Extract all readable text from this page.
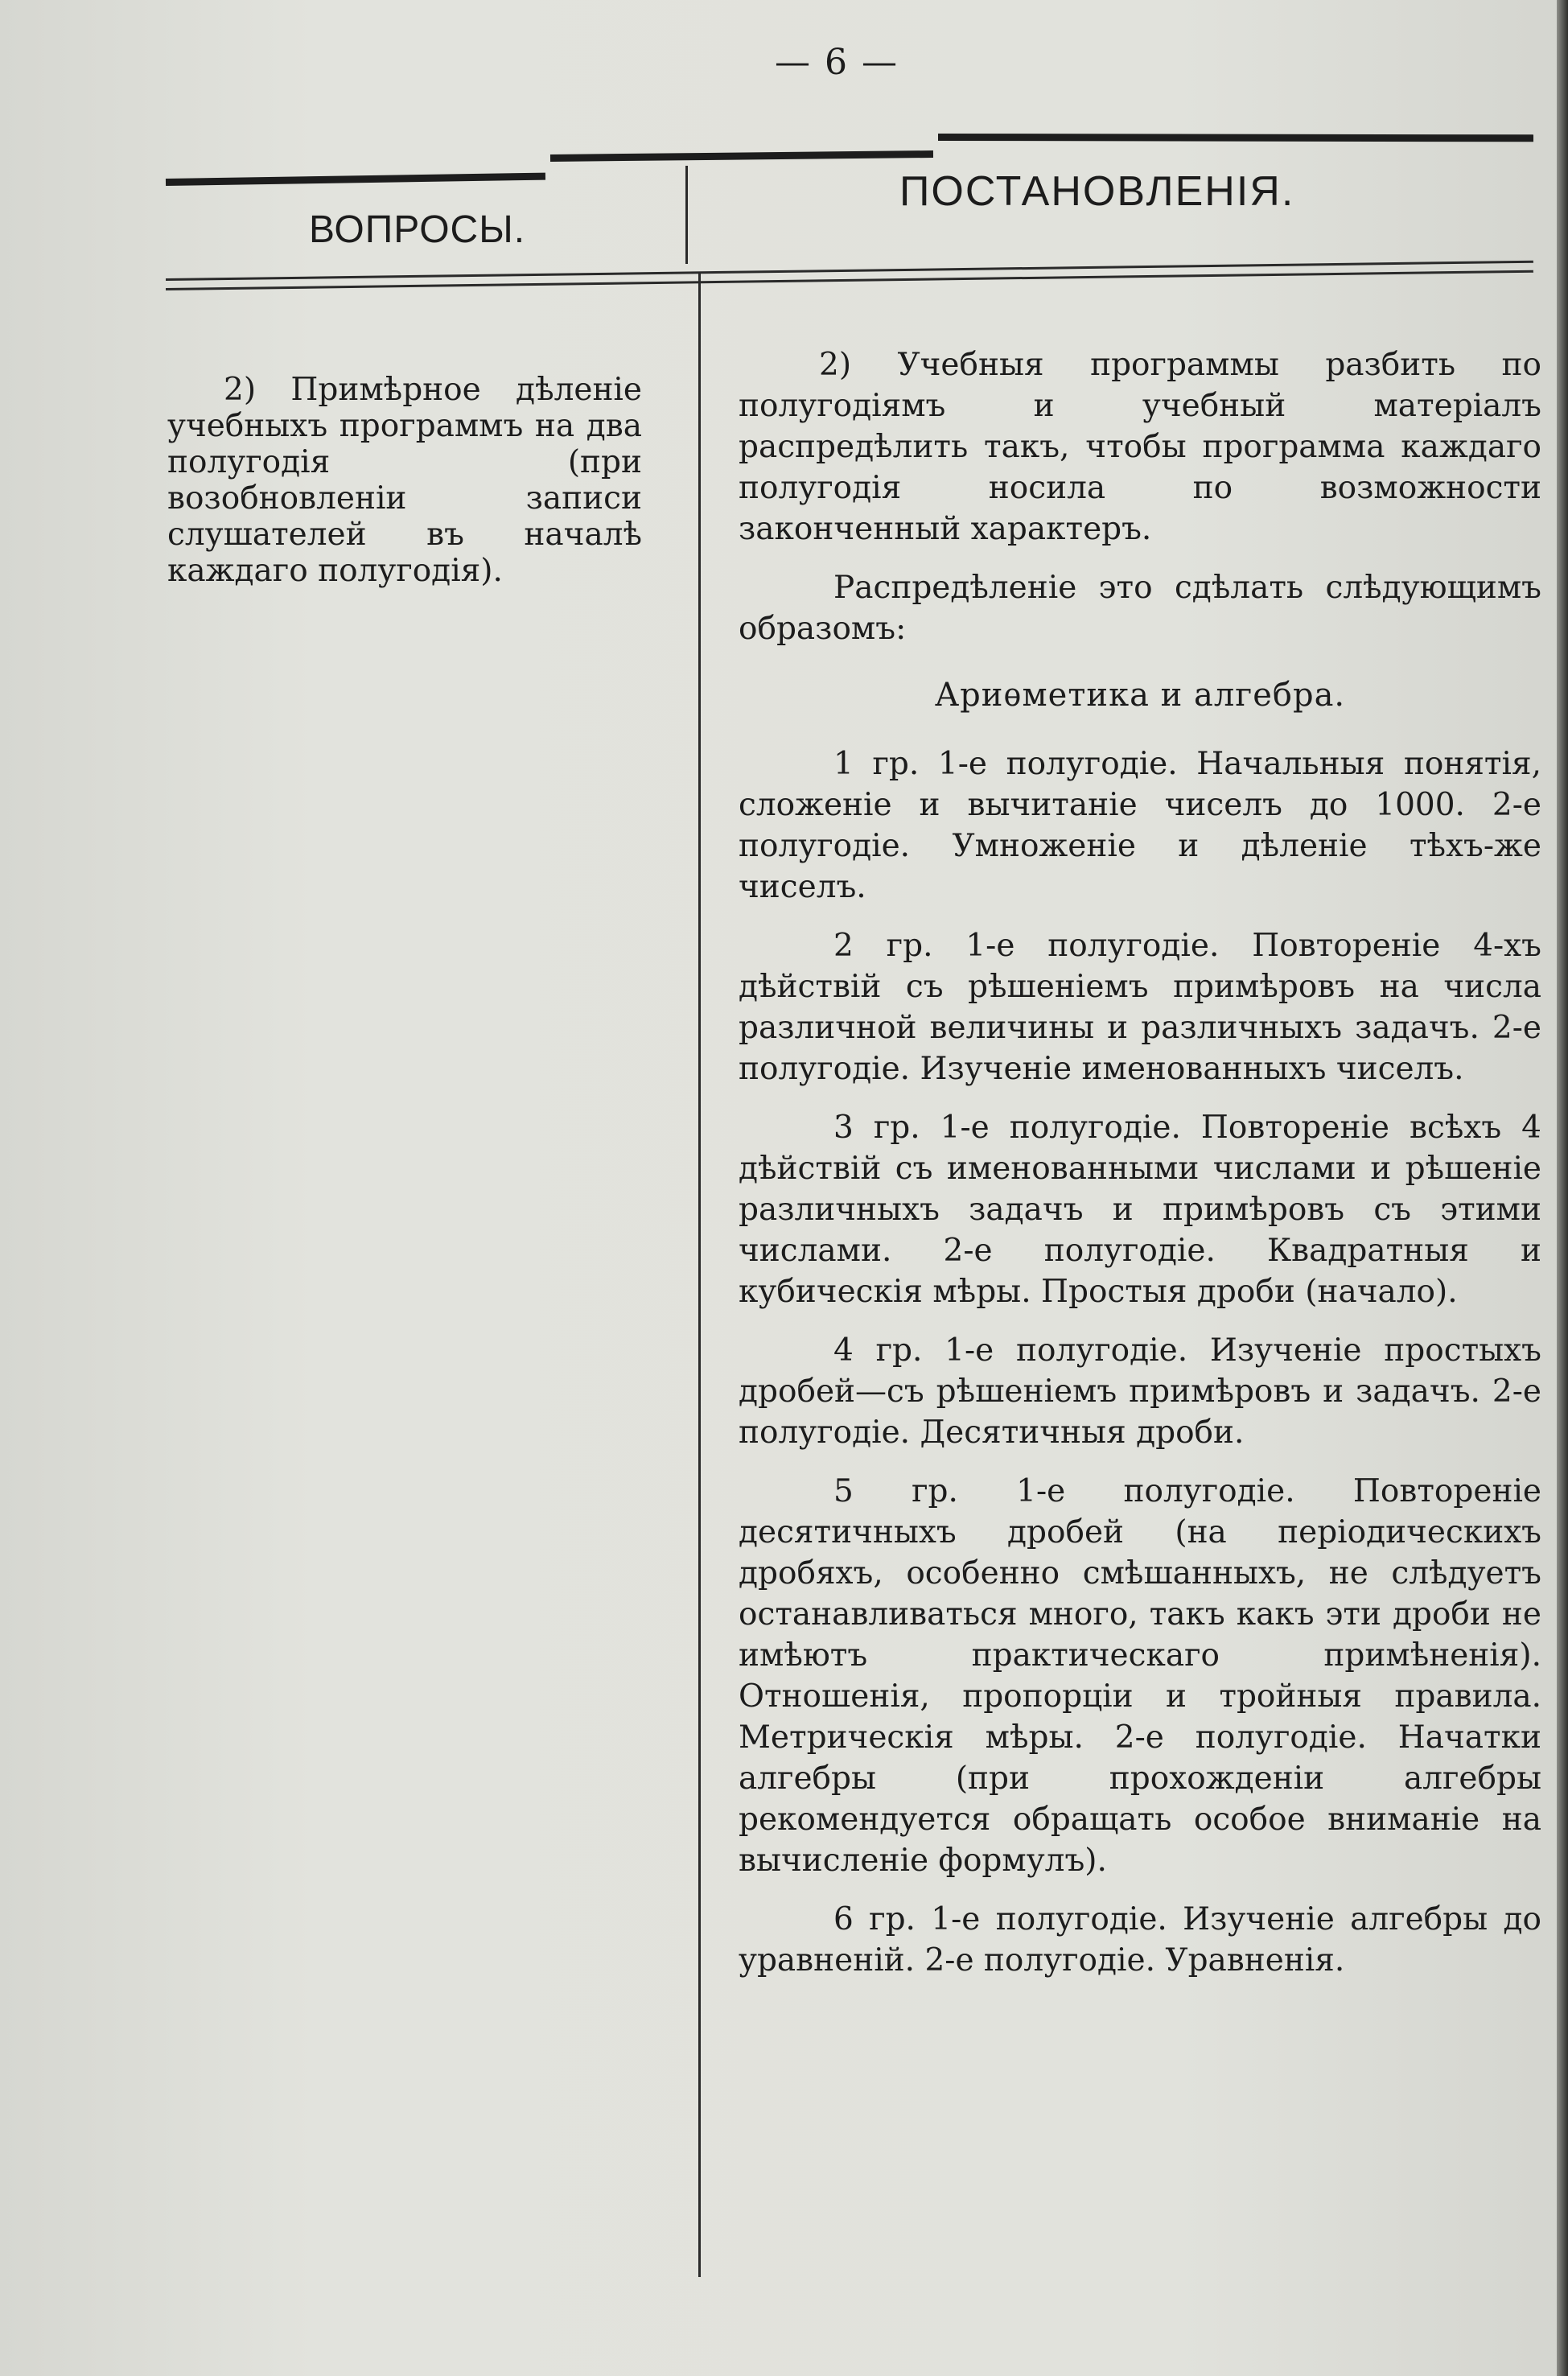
— 6 —
ВОПРОСЫ.
ПОСТАНОВЛЕНІЯ.

2) Примѣрное дѣленіе учебныхъ программъ на два полугодія (при возобновленіи записи слушателей въ началѣ каждаго полугодія).

2) Учебныя программы разбить по полугодіямъ и учебный матеріалъ распредѣлить такъ, чтобы программа каждаго полугодія носила по возможности законченный характеръ.

Распредѣленіе это сдѣлать слѣдующимъ образомъ:

Ариѳметика и алгебра.

1 гр. 1-е полугодіе. Начальныя понятія, сложеніе и вычитаніе чиселъ до 1000. 2-е полугодіе. Умноженіе и дѣленіе тѣхъ-же чиселъ.

2 гр. 1-е полугодіе. Повтореніе 4-хъ дѣйствій съ рѣшеніемъ примѣровъ на числа различной величины и различныхъ задачъ. 2-е полугодіе. Изученіе именованныхъ чиселъ.

3 гр. 1-е полугодіе. Повтореніе всѣхъ 4 дѣйствій съ именованными числами и рѣшеніе различныхъ задачъ и примѣровъ съ этими числами. 2-е полугодіе. Квадратныя и кубическія мѣры. Простыя дроби (начало).

4 гр. 1-е полугодіе. Изученіе простыхъ дробей—съ рѣшеніемъ примѣровъ и задачъ. 2-е полугодіе. Десятичныя дроби.

5 гр. 1-е полугодіе. Повтореніе десятичныхъ дробей (на періодическихъ дробяхъ, особенно смѣшанныхъ, не слѣдуетъ останавливаться много, такъ какъ эти дроби не имѣютъ практическаго примѣненія). Отношенія, пропорціи и тройныя правила. Метрическія мѣры. 2-е полугодіе. Начатки алгебры (при прохожденіи алгебры рекомендуется обращать особое вниманіе на вычисленіе формулъ).

6 гр. 1-е полугодіе. Изученіе алгебры до уравненій. 2-е полугодіе. Уравненія.
